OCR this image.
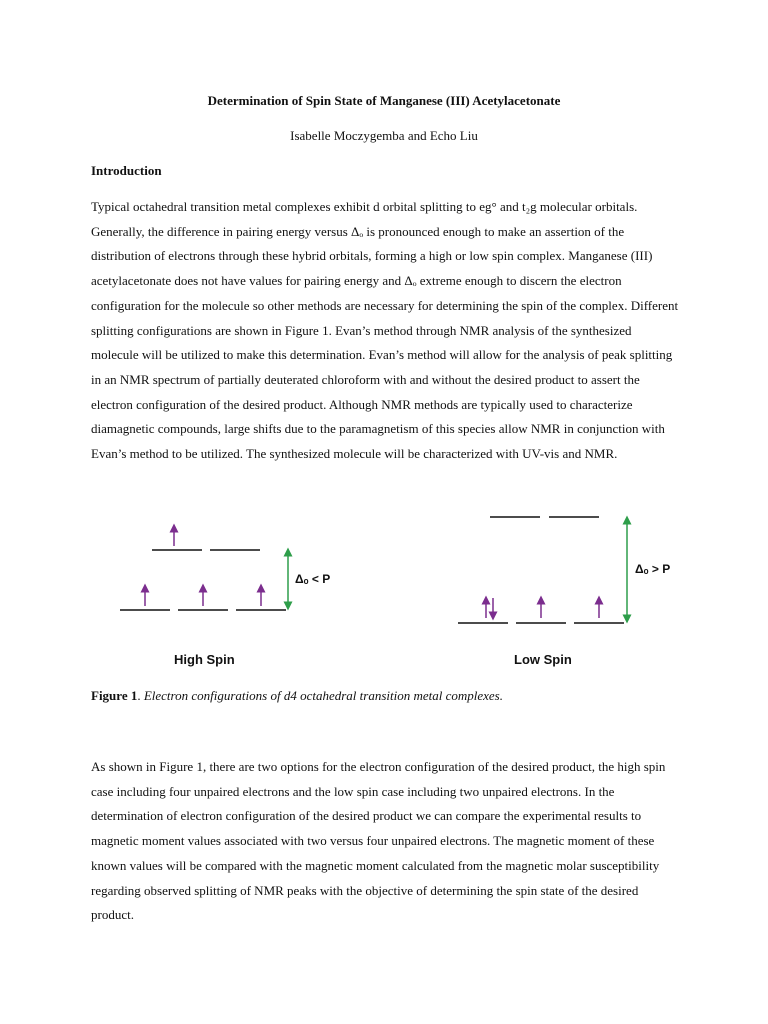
Determination of Spin State of Manganese (III) Acetylacetonate
Isabelle Moczygemba and Echo Liu
Introduction

Typical octahedral transition metal complexes exhibit d orbital splitting to eg° and t₂g molecular orbitals. Generally, the difference in pairing energy versus Δₒ is pronounced enough to make an assertion of the distribution of electrons through these hybrid orbitals, forming a high or low spin complex. Manganese (III) acetylacetonate does not have values for pairing energy and Δₒ extreme enough to discern the electron configuration for the molecule so other methods are necessary for determining the spin of the complex. Different splitting configurations are shown in Figure 1. Evan’s method through NMR analysis of the synthesized molecule will be utilized to make this determination. Evan’s method will allow for the analysis of peak splitting in an NMR spectrum of partially deuterated chloroform with and without the desired product to assert the electron configuration of the desired product. Although NMR methods are typically used to characterize diamagnetic compounds, large shifts due to the paramagnetism of this species allow NMR in conjunction with Evan’s method to be utilized. The synthesized molecule will be characterized with UV-vis and NMR.

Δₒ < P
High Spin
Δₒ > P
Low Spin
Figure 1. Electron configurations of d4 octahedral transition metal complexes.

As shown in Figure 1, there are two options for the electron configuration of the desired product, the high spin case including four unpaired electrons and the low spin case including two unpaired electrons. In the determination of electron configuration of the desired product we can compare the experimental results to magnetic moment values associated with two versus four unpaired electrons. The magnetic moment of these known values will be compared with the magnetic moment calculated from the magnetic molar susceptibility regarding observed splitting of NMR peaks with the objective of determining the spin state of the desired product.
